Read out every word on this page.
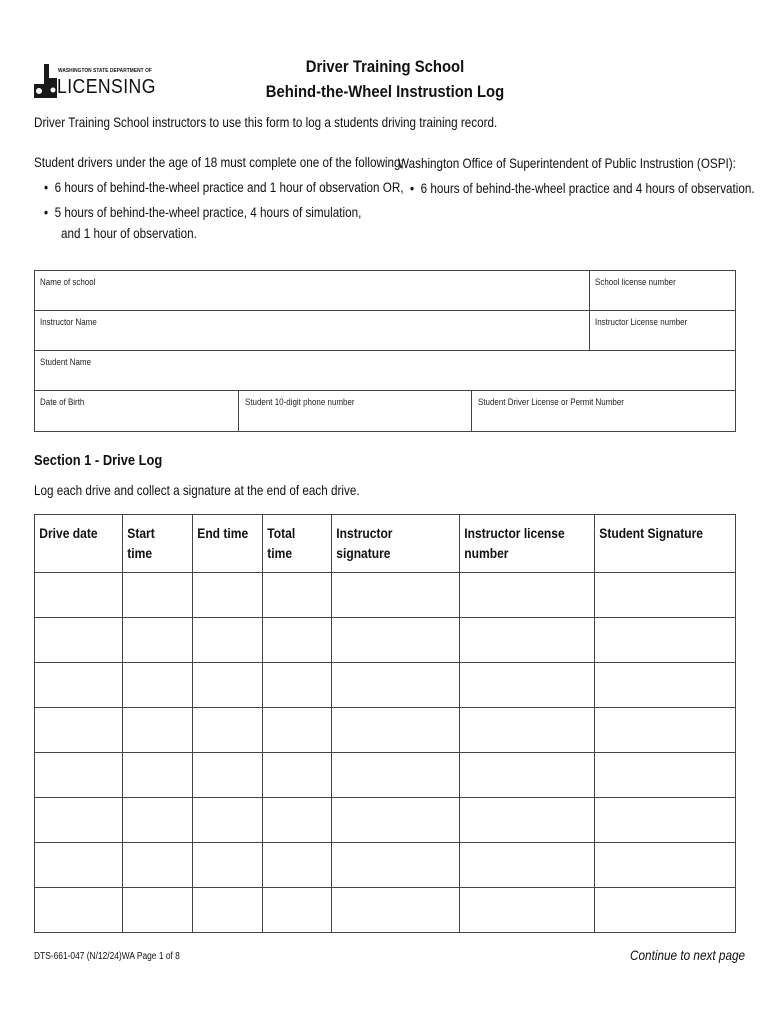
WASHINGTON STATE DEPARTMENT OF
LICENSING
Driver Training School
Behind-the-Wheel Instrustion Log
Driver Training School instructors to use this form to log a students driving training record.
Student drivers under the age of 18 must complete one of the following;
•  6 hours of behind-the-wheel practice and 1 hour of observation OR,
•  5 hours of behind-the-wheel practice, 4 hours of simulation,
and 1 hour of observation.
Washington Office of Superintendent of Public Instrustion (OSPI):
•  6 hours of behind-the-wheel practice and 4 hours of observation.
Name of school	School license number
Instructor Name	Instructor License number
Student Name
Date of Birth	Student 10-digit phone number	Student Driver License or Permit Number
Section 1 - Drive Log
Log each drive and collect a signature at the end of each drive.
Drive date	Start time	End time	Total time	Instructor signature	Instructor license number	Student Signature

DTS-661-047 (N/12/24)WA Page 1 of 8	Continue to next page
